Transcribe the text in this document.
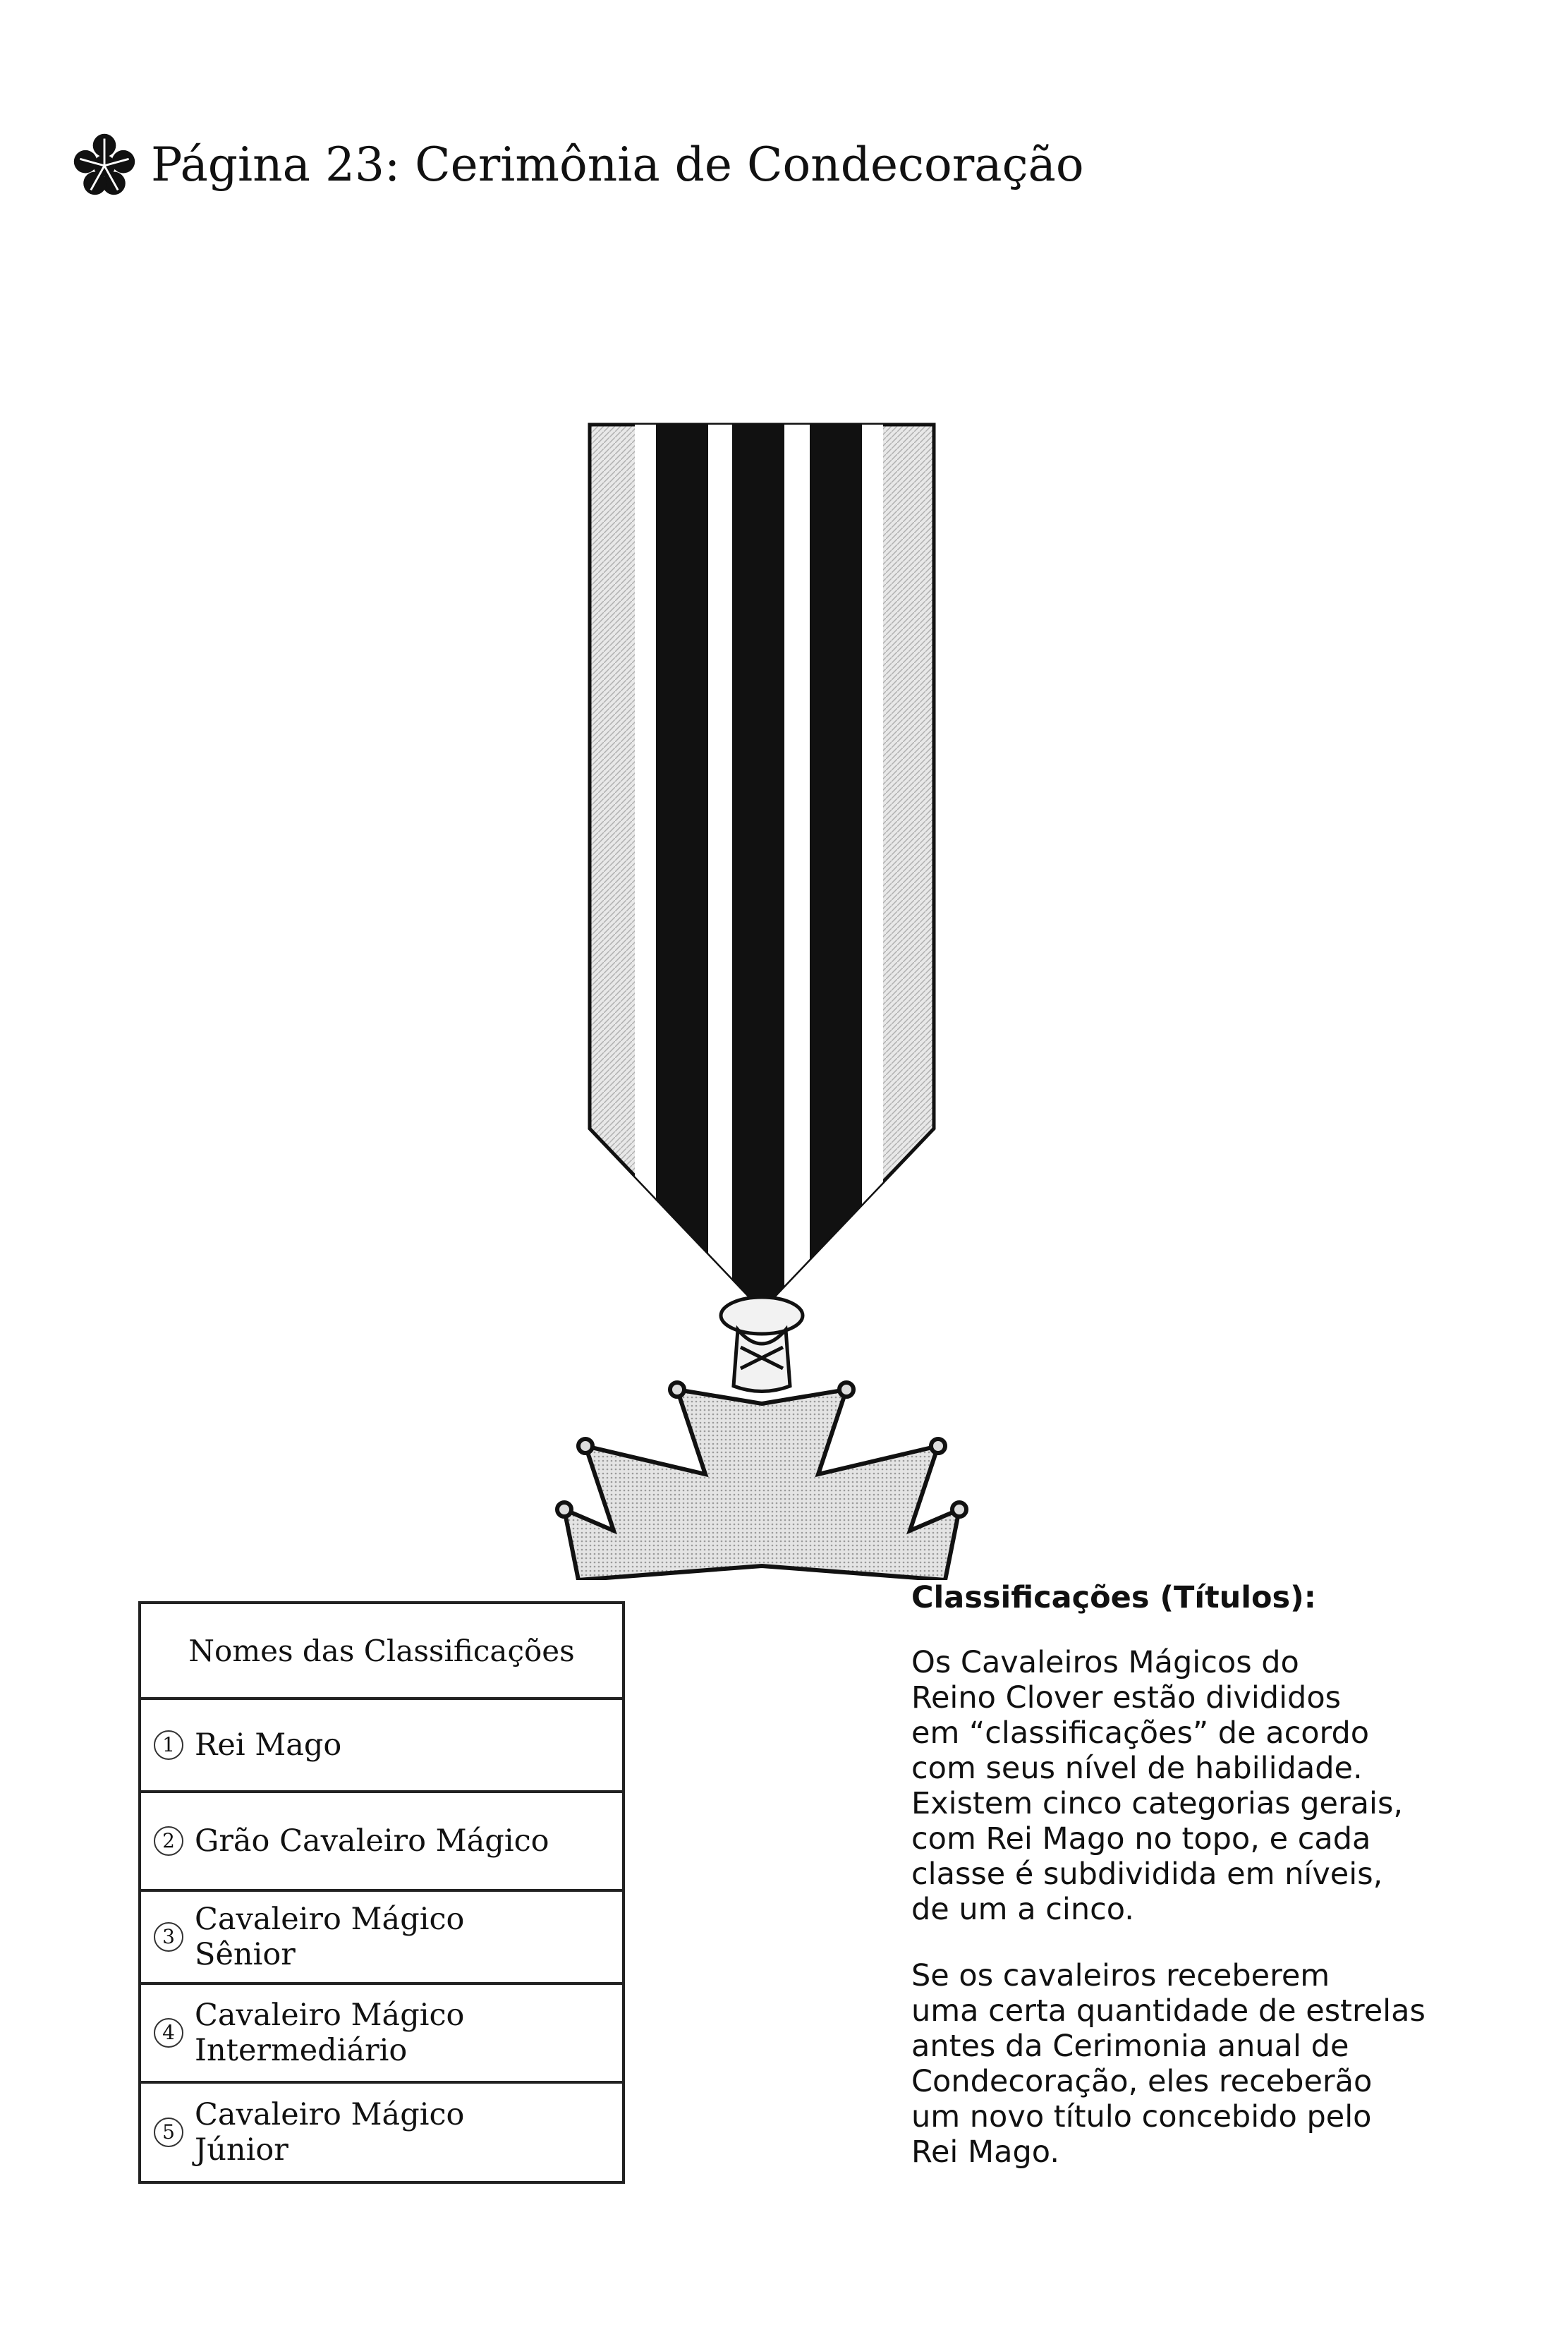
Página 23: Cerimônia de Condecoração
Nomes das Classificações
1 Rei Mago
2 Grão Cavaleiro Mágico
3 Cavaleiro Mágico
Sênior
4 Cavaleiro Mágico
Intermediário
5 Cavaleiro Mágico
Júnior
Classificações (Títulos):

Os Cavaleiros Mágicos do
Reino Clover estão divididos
em “classificações” de acordo
com seus nível de habilidade.
Existem cinco categorias gerais,
com Rei Mago no topo, e cada
classe é subdividida em níveis,
de um a cinco.

Se os cavaleiros receberem
uma certa quantidade de estrelas
antes da Cerimonia anual de
Condecoração, eles receberão
um novo título concebido pelo
Rei Mago.
